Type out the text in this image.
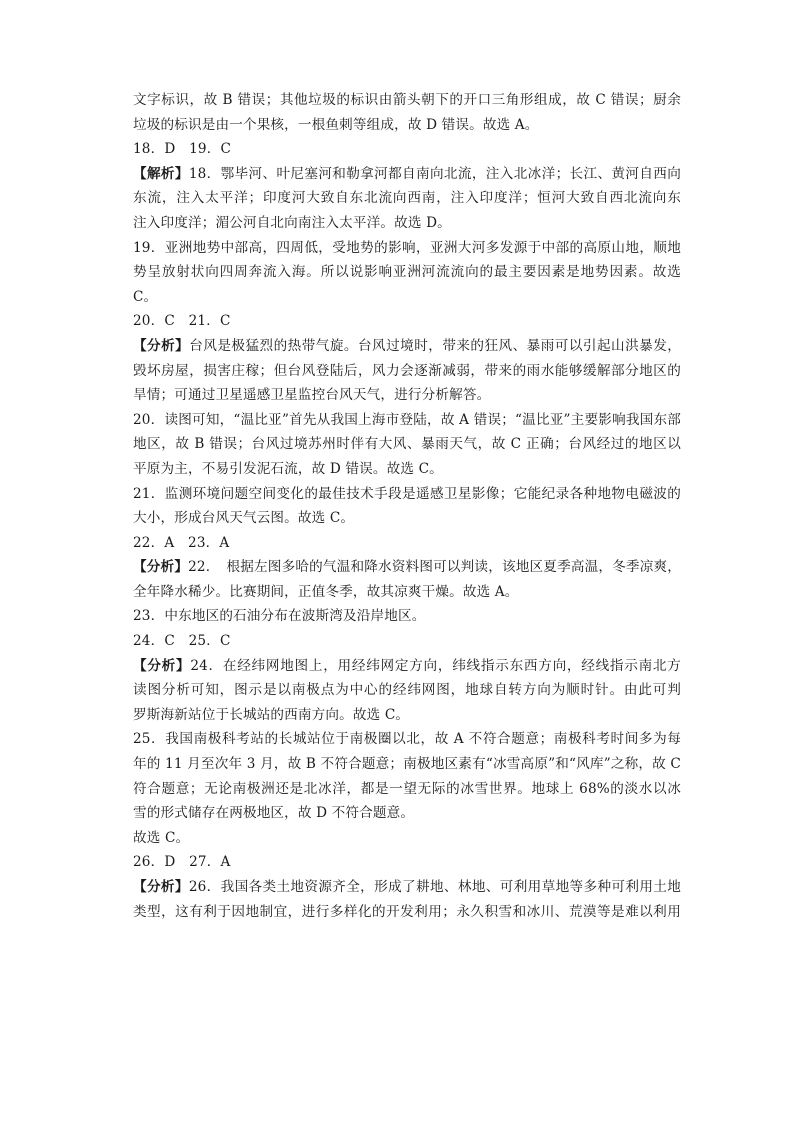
文字标识，故 B 错误；其他垃圾的标识由箭头朝下的开口三角形组成，故 C 错误；厨余
垃圾的标识是由一个果核，一根鱼刺等组成，故 D 错误。故选 A。
18．D　19．C
【解析】18．鄂毕河、叶尼塞河和勒拿河都自南向北流，注入北冰洋；长江、黄河自西向
东流，注入太平洋；印度河大致自东北流向西南，注入印度洋；恒河大致自西北流向东
注入印度洋；湄公河自北向南注入太平洋。故选 D。
19．亚洲地势中部高，四周低，受地势的影响，亚洲大河多发源于中部的高原山地，顺地
势呈放射状向四周奔流入海。所以说影响亚洲河流流向的最主要因素是地势因素。故选
C。
20．C　21．C
【分析】台风是极猛烈的热带气旋。台风过境时，带来的狂风、暴雨可以引起山洪暴发，
毁坏房屋，损害庄稼；但台风登陆后，风力会逐渐减弱，带来的雨水能够缓解部分地区的
旱情；可通过卫星遥感卫星监控台风天气，进行分析解答。
20．读图可知，“温比亚”首先从我国上海市登陆，故 A 错误；“温比亚”主要影响我国东部
地区，故 B 错误；台风过境苏州时伴有大风、暴雨天气，故 C 正确；台风经过的地区以
平原为主，不易引发泥石流，故 D 错误。故选 C。
21．监测环境问题空间变化的最佳技术手段是遥感卫星影像；它能纪录各种地物电磁波的
大小，形成台风天气云图。故选 C。
22．A　23．A
【分析】22．　根据左图多哈的气温和降水资料图可以判读，该地区夏季高温，冬季凉爽，
全年降水稀少。比赛期间，正值冬季，故其凉爽干燥。故选 A。
23．中东地区的石油分布在波斯湾及沿岸地区。
24．C　25．C
【分析】24．在经纬网地图上，用经纬网定方向，纬线指示东西方向，经线指示南北方
读图分析可知，图示是以南极点为中心的经纬网图，地球自转方向为顺时针。由此可判
罗斯海新站位于长城站的西南方向。故选 C。
25．我国南极科考站的长城站位于南极圈以北，故 A 不符合题意；南极科考时间多为每
年的 11 月至次年 3 月，故 B 不符合题意；南极地区素有“冰雪高原”和“风库”之称，故 C
符合题意；无论南极洲还是北冰洋，都是一望无际的冰雪世界。地球上 68%的淡水以冰
雪的形式储存在两极地区，故 D 不符合题意。
故选 C。
26．D　27．A
【分析】26．我国各类土地资源齐全，形成了耕地、林地、可利用草地等多种可利用土地
类型，这有利于因地制宜，进行多样化的开发利用；永久积雪和冰川、荒漠等是难以利用
